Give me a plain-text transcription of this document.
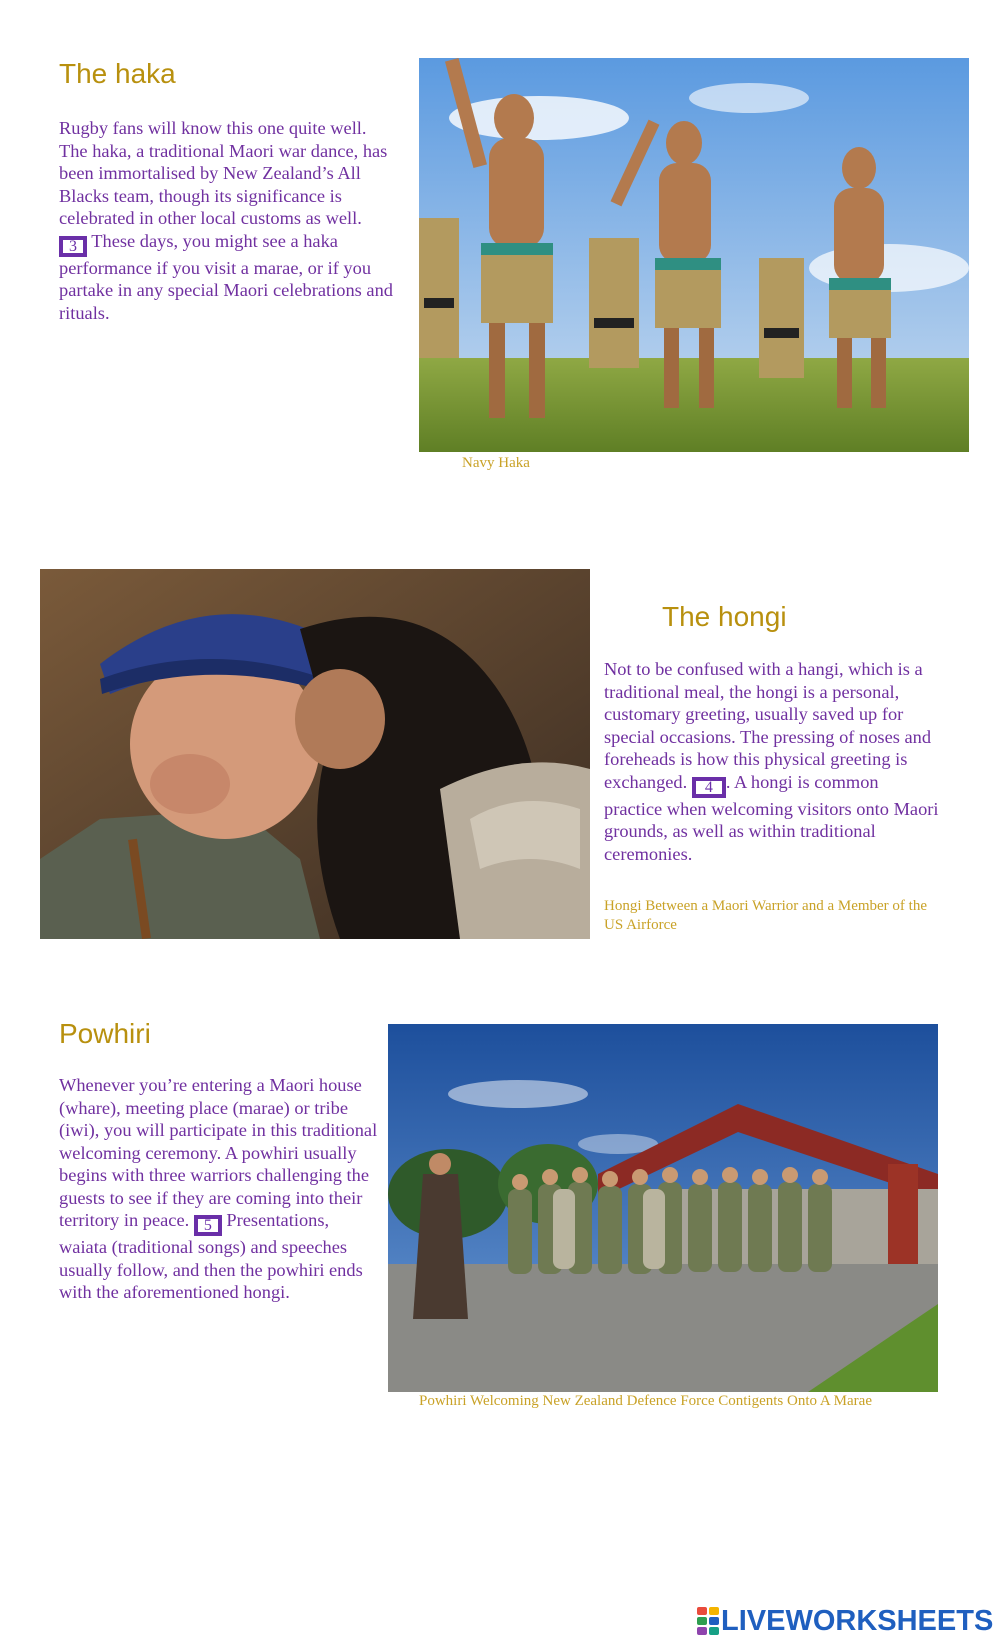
The haka

Rugby fans will know this one quite well. The haka, a traditional Maori war dance, has been immortalised by New Zealand’s All Blacks team, though its significance is celebrated in other local customs as well. 3 These days, you might see a haka performance if you visit a marae, or if you partake in any special Maori celebrations and rituals.

Navy Haka

The hongi

Not to be confused with a hangi, which is a traditional meal, the hongi is a personal, customary greeting, usually saved up for special occasions. The pressing of noses and foreheads is how this physical greeting is exchanged. 4 . A hongi is common practice when welcoming visitors onto Maori grounds, as well as within traditional ceremonies.

Hongi Between a Maori Warrior and a Member of the US Airforce

Powhiri

Whenever you’re entering a Maori house (whare), meeting place (marae) or tribe (iwi), you will participate in this traditional welcoming ceremony. A powhiri usually begins with three warriors challenging the guests to see if they are coming into their territory in peace. 5 Presentations, waiata (traditional songs) and speeches usually follow, and then the powhiri ends with the aforementioned hongi.

Powhiri Welcoming New Zealand Defence Force Contigents Onto A Marae

LIVEWORKSHEETS
